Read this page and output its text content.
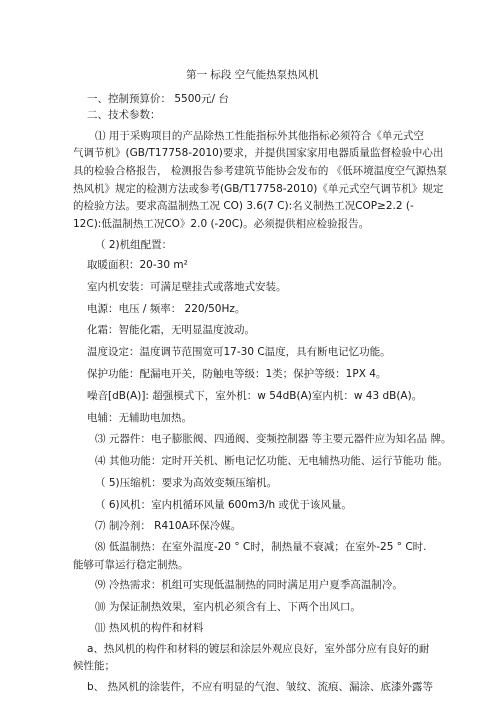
第一 标段 空气能热泵热风机
一、控制预算价： 5500元/ 台
二、技术参数：
⑴ 用于采购项目的产品除热工性能指标外其他指标必须符合《单元式空
气调节机》(GB/T17758-2010)要求，并提供国家家用电器质量监督检验中心出
具的检验合格报告， 检测报告参考建筑节能协会发布的 《低环境温度空气源热泵
热风机》规定的检测方法或参考(GB/T17758-2010)《单元式空气调节机》规定
的检验方法。要求高温制热工况 CO) 3.6(7 C):名义制热工况COP≥2.2 (-
12C):低温制热工况CO》2.0 (-20C)。必须提供相应检验报告。
（ 2)机组配置：
取暖面积：20-30 m²
室内机安装：可满足壁挂式或落地式安装。
电源：电压 / 频率： 220/50Hz。
化霜：智能化霜，无明显温度波动。
温度设定：温度调节范围宽可17-30 C温度，具有断电记忆功能。
保护功能：配漏电开关，防触电等级：1类；保护等级：1PX 4。
噪音[dB(A)]: 超强模式下，室外机：w 54dB(A)室内机：w 43 dB(A)。
电辅：无辅助电加热。
⑶ 元器件：电子膨胀阀、四通阀、变频控制器 等主要元器件应为知名品 牌。
⑷ 其他功能：定时开关机、断电记忆功能、无电辅热功能、运行节能功 能。
（ 5)压缩机：要求为高效变频压缩机。
（ 6)风机：室内机循环风量 600m3/h 或优于该风量。
⑺ 制冷剂： R410A环保冷媒。
⑻ 低温制热：在室外温度-20 ° C时，制热量不衰减；在室外-25 ° C时.
能够可靠运行稳定制热。
⑼ 冷热需求：机组可实现低温制热的同时满足用户夏季高温制冷。
⑽ 为保证制热效果，室内机必须含有上、下两个出风口。
⑾ 热风机的构件和材料
a、热风机的构件和材料的镀层和涂层外观应良好，室外部分应有良好的耐
候性能；
b、 热风机的涂装件，不应有明显的气泡、皱纹、流痕、漏涂、底漆外露等
